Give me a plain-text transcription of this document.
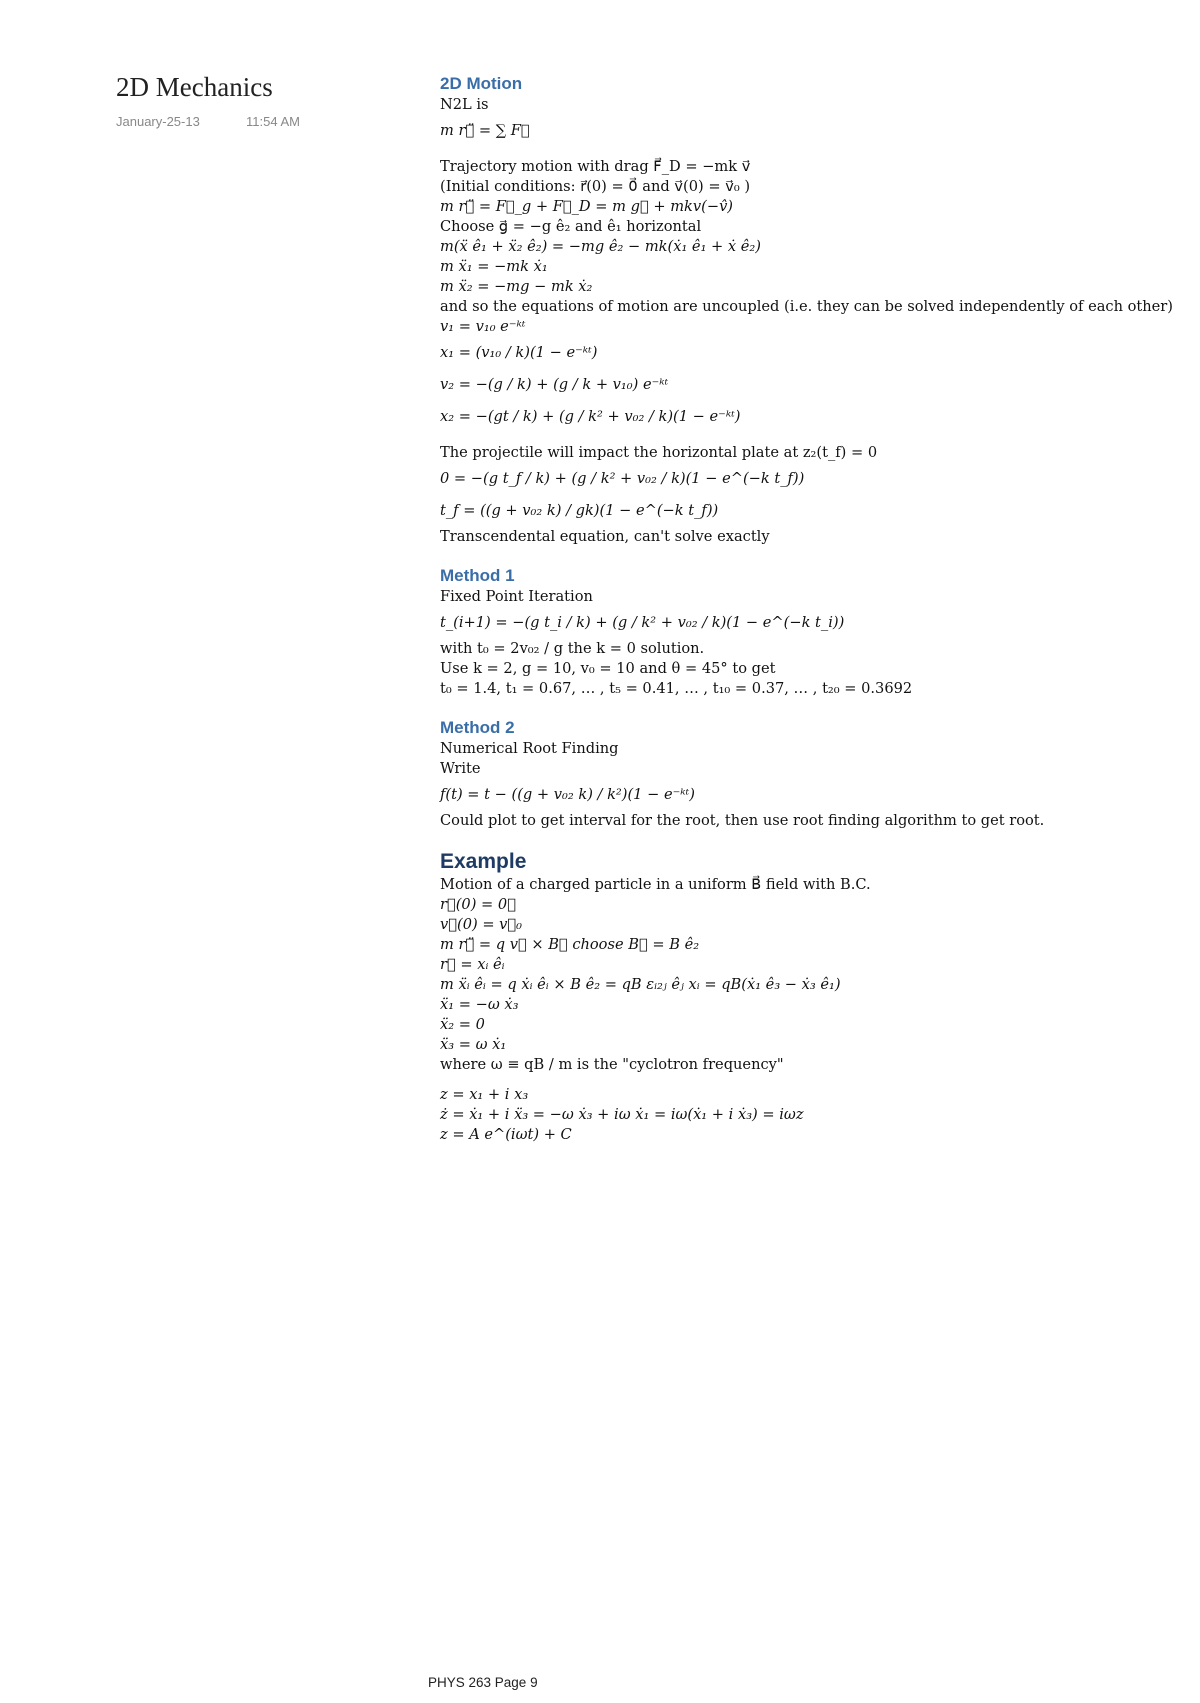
2D Mechanics
January-25-13	11:54 AM
2D Motion
N2L is
m r⃗̈ = ∑ F⃗
Trajectory motion with drag F⃗_D = −mk v⃗
(Initial conditions: r⃗(0) = 0⃗ and v⃗(0) = v⃗₀ )
m r⃗̈ = F⃗_g + F⃗_D = m g⃗ + mkv(−v̂)
Choose g⃗ = −g ê₂ and ê₁ horizontal
m(ẍ ê₁ + ẍ₂ ê₂) = −mg ê₂ − mk(ẋ₁ ê₁ + ẋ ê₂)
m ẍ₁ = −mk ẋ₁
m ẍ₂ = −mg − mk ẋ₂
and so the equations of motion are uncoupled (i.e. they can be solved independently of each other)
v₁ = v₁₀ e⁻ᵏᵗ
x₁ = (v₁₀ / k)(1 − e⁻ᵏᵗ)
v₂ = −(g / k) + (g / k + v₁₀) e⁻ᵏᵗ
x₂ = −(gt / k) + (g / k² + v₀₂ / k)(1 − e⁻ᵏᵗ)
The projectile will impact the horizontal plate at z₂(t_f) = 0
0 = −(g t_f / k) + (g / k² + v₀₂ / k)(1 − e^(−k t_f))
t_f = ((g + v₀₂ k) / gk)(1 − e^(−k t_f))
Transcendental equation, can't solve exactly
Method 1
Fixed Point Iteration
t_(i+1) = −(g t_i / k) + (g / k² + v₀₂ / k)(1 − e^(−k t_i))
with t₀ = 2v₀₂ / g the k = 0 solution.
Use k = 2, g = 10, v₀ = 10 and θ = 45° to get
t₀ = 1.4, t₁ = 0.67, … , t₅ = 0.41, … , t₁₀ = 0.37, … , t₂₀ = 0.3692
Method 2
Numerical Root Finding
Write
f(t) = t − ((g + v₀₂ k) / k²)(1 − e⁻ᵏᵗ)
Could plot to get interval for the root, then use root finding algorithm to get root.
Example
Motion of a charged particle in a uniform B⃗ field with B.C.
r⃗(0) = 0⃗
v⃗(0) = v⃗₀
m r⃗̈ = q v⃗ × B⃗ choose B⃗ = B ê₂
r⃗ = xᵢ êᵢ
m ẍᵢ êᵢ = q ẋᵢ êᵢ × B ê₂ = qB εᵢ₂ⱼ êⱼ xᵢ = qB(ẋ₁ ê₃ − ẋ₃ ê₁)
ẍ₁ = −ω ẋ₃
ẍ₂ = 0
ẍ₃ = ω ẋ₁
where ω ≡ qB / m is the "cyclotron frequency"
z = x₁ + i x₃
ż = ẋ₁ + i ẍ₃ = −ω ẋ₃ + iω ẋ₁ = iω(ẋ₁ + i ẋ₃) = iωz
z = A e^(iωt) + C
PHYS 263 Page 9
